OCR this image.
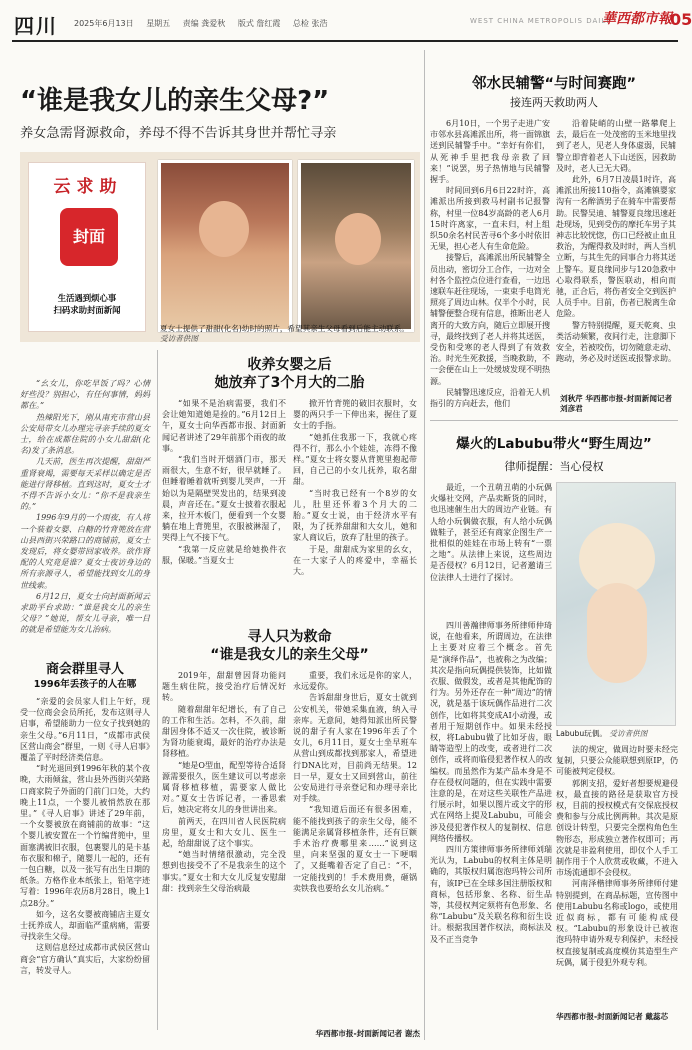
四川 2025年6月13日 星期五 责编 龚爱秋 版式 詹红霞 总检 张浩	WEST CHINA METROPOLIS DAILY
華西都市報
05
“谁是我女儿的亲生父母?”
养女急需肾源救命，养母不得不告诉其身世并帮忙寻亲
云求助
封面
生活遇到烦心事
扫码求助封面新闻
夏女士提供了甜甜(化名)幼时的照片，希望其亲生父母看到后能主动联系。 受访者供图

“幺女儿，你吃早饭了吗？心情好些没？别担心，有任何事情，妈妈都在。”

热辣阳光下，刚从南充市营山县公安局带女儿办理完寻亲手续的夏女士，给在成都住院的小女儿甜甜(化名)发了条消息。

几天前，医生再次提醒，甜甜严重肾衰竭，需要每天采样以确定是否能进行肾移植。直到这时，夏女士才不得不告诉小女儿：“你不是我亲生的。”

1996年9月的一个雨夜，有人将一个装着女婴、白糖的竹背篼放在营山县西街兴荣路口的商铺前，夏女士发现后，将女婴带回家收养。欲作肾配的人究竟是谁？夏女士夜访身边的所有亲源寻人，希望能找到女儿的身世线索。

6月12日，夏女士向封面新闻云求助平台求助：“谁是我女儿的亲生父母？”她说，帮女儿寻亲，唯一目的就是希望能为女儿治病。

商会群里寻人
1996年丢孩子的人在哪

“亲爱的会员家人们上午好，现受一位商会会员所托，发布这则寻人启事，希望能助力一位女子找到她的亲生父母。”6月11日，“成都市武侯区营山商会”群里，一则《寻人启事》覆盖了平时经济类信息。

“时光退回到1996年秋的某个夜晚，大雨倾盆，营山县外西街兴荣路口商家院子外面的门前门口处，大约晚上11点，一个婴儿被悄然放在那里。”《寻人启事》讲述了29年前，一个女婴被放在商铺前的故事：“这个婴儿被安置在一个竹编背篼中，里面塞满被旧衣服，包裹婴儿的是卡基布衣服和棉子，随婴儿一起的，还有一包白糖，以及一张写有出生日期的纸条。方格作业本纸张上，铅笔字迹写着：1996年农历8月28日，晚上1点28分。”

如今，这名女婴被商铺店主夏女士抚养成人，却面临严重病痛，需要寻找亲生父母。

这则信息经过成都市武侯区营山商会“官方确认”真实后，大家纷纷留言，转发寻人。

收养女婴之后
她放弃了3个月大的二胎

“如果不是治病需要，我们不会让她知道她是捡的。”6月12日上午，夏女士向华西都市报、封面新闻记者讲述了29年前那个雨夜的故事。

“我们当时开烟酒门市，那天雨很大，生意不好，很早就睡了。但睡着睡着就听到婴儿哭声，一开始以为是隔壁哭发出的，结果到凌晨，声音还在。”夏女士披着衣服起来，拉开木板门，便看到一个女婴躺在地上背篼里，衣服被淋湿了，哭得上气不接下气。

“我第一反应就是给她换件衣服，保暖。”当夏女士

掀开竹背篼的破旧衣服时，女婴的两只手一下伸出来，握住了夏女士的手指。

“她抓住我那一下，我就心疼得不行，那么小个娃娃，冻得不像样。”夏女士将女婴从背篼里抱起带回，自己已的小女儿抚养，取名甜甜。

“当时我已经有一个8岁的女儿，肚里还怀着3个月大的二胎。”夏女士说，由于经济水平有限，为了抚养甜甜和大女儿，她和家人商议后，放弃了肚里的孩子。

于是，甜甜成为家里的幺女，在一大家子人的疼爱中，幸福长大。

寻人只为救命
“谁是我女儿的亲生父母”

2019年，甜甜曾因肾功能问题生病住院，接受治疗后情况好转。

随着甜甜年纪增长，有了自己的工作和生活。怎料，不久前，甜甜因身体不适又一次住院，被诊断为肾功能衰竭，最好的治疗办法是肾移植。

“她是O型血，配型等待合适肾源需要很久，医生建议可以考虑亲属肾移植移植，需要家人做比对。”夏女士告诉记者，一番思索后，她决定将女儿的身世讲出来。

前两天，在四川省人民医院病房里，夏女士和大女儿、医生一起，给甜甜说了这个事实。

“她当时情绪很激动，完全没想到也接受不了不是我亲生的这个事实。”夏女士和大女儿反复安慰甜甜：找到亲生父母治病最

重要，我们永远是你的家人，永远爱你。

告诉甜甜身世后，夏女士就到公安机关，带她采集血液，纳入寻亲库。无意间，她得知派出所民警说的甜子有人家在1996年丢了个女儿，6月11日，夏女士坐早班车从营山到成都找到那家人，希望进行DNA比对，目前尚无结果。12日一早，夏女士又回到营山，前往公安局进行寻亲登记和办理寻亲比对手续。

“我知道后面还有很多困难，能不能找到孩子的亲生父母，能不能满足亲属肾移植条件，还有巨额手术治疗费哪里来……”说到这里，向来坚强的夏女士一下哽咽了，又挺嘴着否定了自己：“不，一定能找到的！手术费用费，砸锅卖铁我也要给幺女儿治病。”

华西都市报-封面新闻记者 谢杰
邻水民辅警“与时间赛跑”
接连两天救助两人

6月10日，一个男子走进广安市邻水县高滩派出所，将一面锦旗送到民辅警手中。“幸好有你们，从死神手里把我母亲救了回来！”说罢，男子热情地与民辅警握手。

时间回到6月6日22时许，高滩派出所接到救马村副书记报警称，村里一位84岁高龄的老人6月15时许离家，一直未归，村上组织50余名村民苦寻6个多小时依旧无果，担心老人有生命危险。

接警后，高滩派出所民辅警全员出动，密切分工合作，一边对全村各个监控点位进行查看，一边迅速联车赶往现场，一束束手电筒光照亮了周边山林。仅半个小时，民辅警便整合现有信息，推断出老人离开的大致方向，随后立即展开搜寻，最终找到了老人并将其送医，受伤和受寒的老人得到了有效救治。时光生死救援，当晚救助，不一会便在山上一处缓坡发现不明热源。

民辅警迅速反应，沿着无人机指引的方向赶去，他们

沿着陡峭的山壁一路攀爬上去，最后在一处茂密的玉米地里找到了老人，见老人身体虚弱，民辅警立即背着老人下山送医，因救助及时，老人已无大碍。

此外，6月7日凌晨1时许，高滩派出所接110指令，高滩镇婴家沟有一名醉酒男子在骑车中需要帮助。民警吴迪、辅警夏良缘迅速赶赴现场，见到受伤的摩托车男子其神志比较恍惚，伤口已经被止血且救治，为醒得救及时时，两人当机立断，与其生先的同事合力将其送上警车。夏良缘同步与120急救中心取得联系，警医联动，相向而驰，正合后，将伤者安全交到医护人员手中。目前，伤者已脱离生命危险。

警方特别提醒，夏天乾爽、虫类活动频繁，夜间行走，注意脚下安全，若被咬伤，切勿随意走动、跑动，务必及时送医或报警求助。

刘秋芹 华西都市报-封面新闻记者 刘彦君
爆火的Labubu带火“野生周边”
律师提醒：当心侵权

最近，一个丑萌丑萌的小玩偶火爆社交网，产品卖断货的同时，也迅速催生出大的周边产业链。有人给小玩偶做衣服，有人给小玩偶做鞋子，甚至还有商家企图生产一批相似的娃娃在市场上转有“一票之地”。从法律上来说，这些周边是否侵权？6月12日，记者邀请三位法律人士进行了探讨。

Labubu玩偶。 受访者供图

四川善瀚律师事务所律师仲琦说，在他看来，所谓周边，在法律上主要对应着三个概念。首先是“演绎作品”，也被称之为改编；其次是指向玩偶提供装饰，比如做衣服、做假发，或者是其他配饰的行为。另外还存在一种“周边”的情况，就是基于该玩偶作品进行二次创作，比如将其变成AI小动漫，或者用于短期创作中。如果未经授权，将Labubu做了比如牙齿，眼睛等造型上的改变，或者进行二次创作，或将而临侵犯著作权人的改编权。而虽然作为某产品本身是不存在侵权问题的，但在实践中需要注意的是，在对这些关联性产品进行展示时，如果以图片或文字的形式在网络上提及Labubu，可能会涉及侵犯著作权人的复制权、信息网络传播权。

四川方策律师事务所律师刘瑞光认为，Labubu的权利主体是明确的，其版权归属泡泡玛特公司所有，该IP已在全球多国注册版权和商标，包括形象、名称、衍生品等，其侵权判定须将有色形象、名称“Labubu”及关联名称和衍生设计。根据我国著作权法，商标法及及不正当竞争

法的规定，做周边时要未经完复制，只要公众能联想到原IP，仍可能被判定侵权。

郭俐支招，爱好者想要规避侵权，最直接的路径是获取官方授权，目前的授权模式有交保底授权费和参与分成比例两种。其次是原创设计转型，只要完全摆构角色生物形态，形成独立著作权即可；再次就是非盈利使用，即仅个人手工制作用于个人欣赏或收藏，不进入市场流通即不会侵权。

河南泽楷律师事务所律师付建特别提到，在商品标题，宣传图中使用Labubu名称或logo，或使用近似商标，都有可能构成侵权。“Labubu的形象设计已被泡泡玛特申请外观专利保护，未经授权直接复制或高度模仿其造型生产玩偶，属于侵犯外观专利。

华西都市报-封面新闻记者 戴蕊芯
